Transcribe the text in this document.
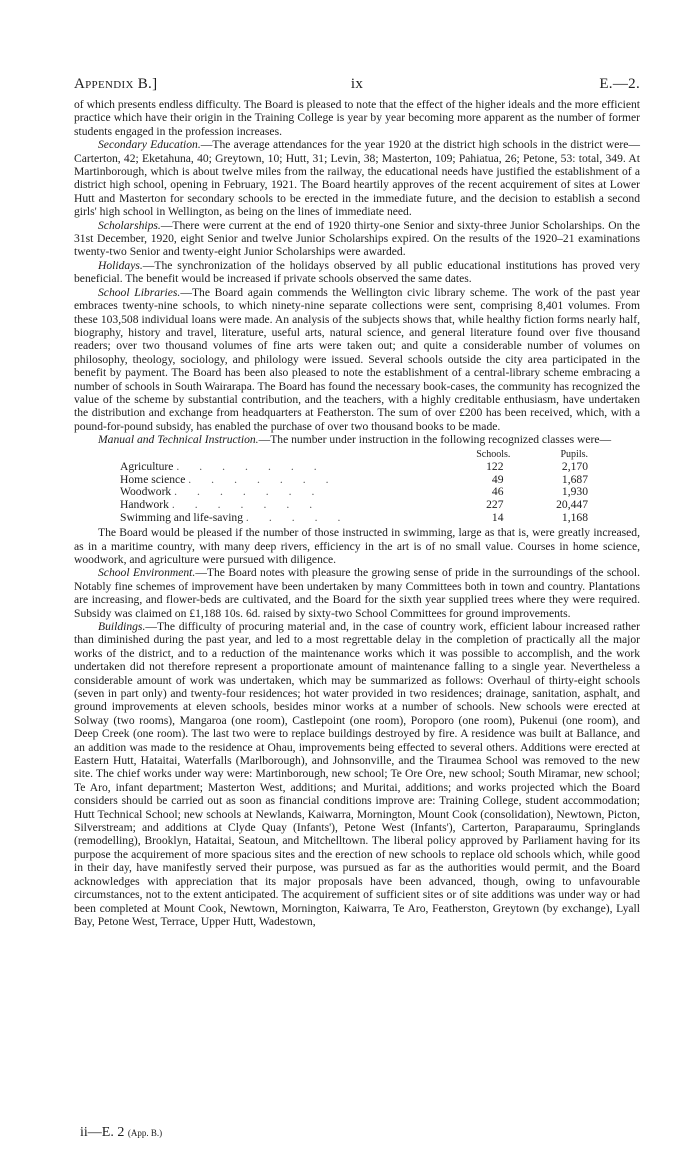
Appendix B.]	ix	E.—2.

of which presents endless difficulty. The Board is pleased to note that the effect of the higher ideals and the more efficient practice which have their origin in the Training College is year by year becoming more apparent as the number of former students engaged in the profession increases.

Secondary Education.—The average attendances for the year 1920 at the district high schools in the district were—Carterton, 42; Eketahuna, 40; Greytown, 10; Hutt, 31; Levin, 38; Masterton, 109; Pahiatua, 26; Petone, 53: total, 349. At Martinborough, which is about twelve miles from the railway, the educational needs have justified the establishment of a district high school, opening in February, 1921. The Board heartily approves of the recent acquirement of sites at Lower Hutt and Masterton for secondary schools to be erected in the immediate future, and the decision to establish a second girls' high school in Wellington, as being on the lines of immediate need.

Scholarships.—There were current at the end of 1920 thirty-one Senior and sixty-three Junior Scholarships. On the 31st December, 1920, eight Senior and twelve Junior Scholarships expired. On the results of the 1920–21 examinations twenty-two Senior and twenty-eight Junior Scholarships were awarded.

Holidays.—The synchronization of the holidays observed by all public educational institutions has proved very beneficial. The benefit would be increased if private schools observed the same dates.

School Libraries.—The Board again commends the Wellington civic library scheme. The work of the past year embraces twenty-nine schools, to which ninety-nine separate collections were sent, comprising 8,401 volumes. From these 103,508 individual loans were made. An analysis of the subjects shows that, while healthy fiction forms nearly half, biography, history and travel, literature, useful arts, natural science, and general literature found over five thousand readers; over two thousand volumes of fine arts were taken out; and quite a considerable number of volumes on philosophy, theology, sociology, and philology were issued. Several schools outside the city area participated in the benefit by payment. The Board has been also pleased to note the establishment of a central-library scheme embracing a number of schools in South Wairarapa. The Board has found the necessary book-cases, the community has recognized the value of the scheme by substantial contribution, and the teachers, with a highly creditable enthusiasm, have undertaken the distribution and exchange from headquarters at Featherston. The sum of over £200 has been received, which, with a pound-for-pound subsidy, has enabled the purchase of over two thousand books to be made.

Manual and Technical Instruction.—The number under instruction in the following recognized classes were—

	Schools.	Pupils.
Agriculture .......	122	2,170
Home science .......	49	1,687
Woodwork .......	46	1,930
Handwork .......	227	20,447
Swimming and life-saving .....	14	1,168

The Board would be pleased if the number of those instructed in swimming, large as that is, were greatly increased, as in a maritime country, with many deep rivers, efficiency in the art is of no small value. Courses in home science, woodwork, and agriculture were pursued with diligence.

School Environment.—The Board notes with pleasure the growing sense of pride in the surroundings of the school. Notably fine schemes of improvement have been undertaken by many Committees both in town and country. Plantations are increasing, and flower-beds are cultivated, and the Board for the sixth year supplied trees where they were required. Subsidy was claimed on £1,188 10s. 6d. raised by sixty-two School Committees for ground improvements.

Buildings.—The difficulty of procuring material and, in the case of country work, efficient labour increased rather than diminished during the past year, and led to a most regrettable delay in the completion of practically all the major works of the district, and to a reduction of the maintenance works which it was possible to accomplish, and the work undertaken did not therefore represent a proportionate amount of maintenance falling to a single year. Nevertheless a considerable amount of work was undertaken, which may be summarized as follows: Overhaul of thirty-eight schools (seven in part only) and twenty-four residences; hot water provided in two residences; drainage, sanitation, asphalt, and ground improvements at eleven schools, besides minor works at a number of schools. New schools were erected at Solway (two rooms), Mangaroa (one room), Castlepoint (one room), Poroporo (one room), Pukenui (one room), and Deep Creek (one room). The last two were to replace buildings destroyed by fire. A residence was built at Ballance, and an addition was made to the residence at Ohau, improvements being effected to several others. Additions were erected at Eastern Hutt, Hataitai, Waterfalls (Marlborough), and Johnsonville, and the Tiraumea School was removed to the new site. The chief works under way were: Martinborough, new school; Te Ore Ore, new school; South Miramar, new school; Te Aro, infant department; Masterton West, additions; and Muritai, additions; and works projected which the Board considers should be carried out as soon as financial conditions improve are: Training College, student accommodation; Hutt Technical School; new schools at Newlands, Kaiwarra, Mornington, Mount Cook (consolidation), Newtown, Picton, Silverstream; and additions at Clyde Quay (Infants'), Petone West (Infants'), Carterton, Paraparaumu, Springlands (remodelling), Brooklyn, Hataitai, Seatoun, and Mitchelltown. The liberal policy approved by Parliament having for its purpose the acquirement of more spacious sites and the erection of new schools to replace old schools which, while good in their day, have manifestly served their purpose, was pursued as far as the authorities would permit, and the Board acknowledges with appreciation that its major proposals have been advanced, though, owing to unfavourable circumstances, not to the extent anticipated. The acquirement of sufficient sites or of site additions was under way or had been completed at Mount Cook, Newtown, Mornington, Kaiwarra, Te Aro, Featherston, Greytown (by exchange), Lyall Bay, Petone West, Terrace, Upper Hutt, Wadestown,

ii—E. 2 (App. B.)
